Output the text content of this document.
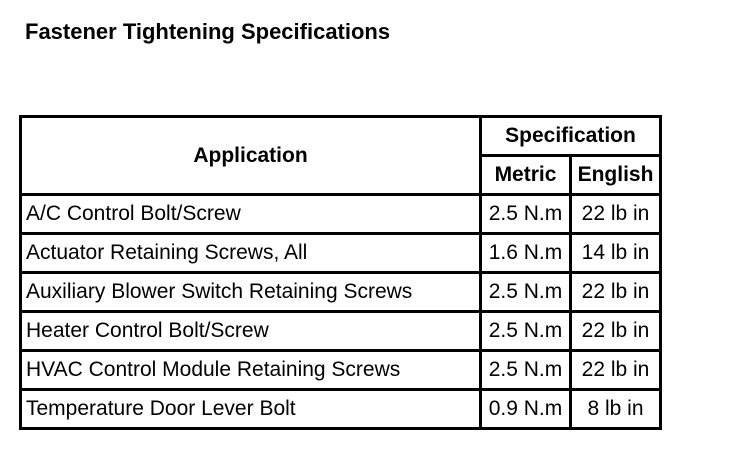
Fastener Tightening Specifications
Application	Specification	
	Metric	English
A/C Control Bolt/Screw	2.5 N.m	22 lb in
Actuator Retaining Screws, All	1.6 N.m	14 lb in
Auxiliary Blower Switch Retaining Screws	2.5 N.m	22 lb in
Heater Control Bolt/Screw	2.5 N.m	22 lb in
HVAC Control Module Retaining Screws	2.5 N.m	22 lb in
Temperature Door Lever Bolt	0.9 N.m	8 lb in
